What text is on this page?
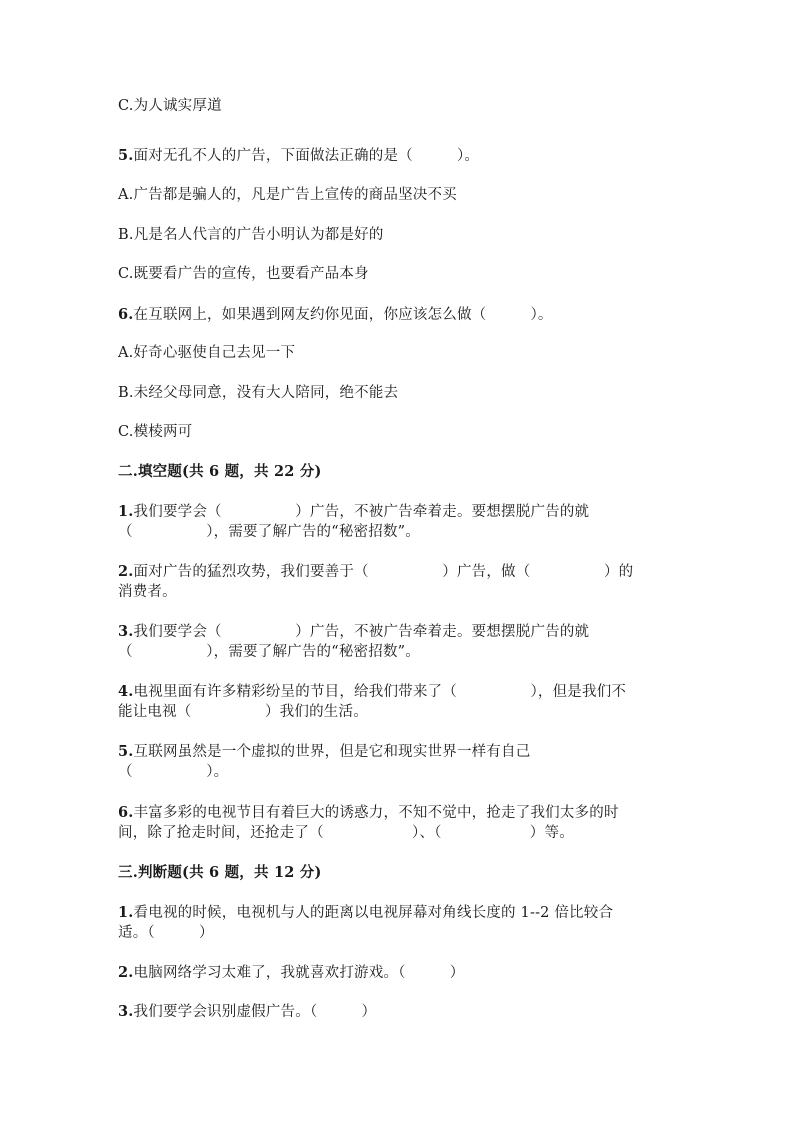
C.为人诚实厚道
5.面对无孔不人的广告，下面做法正确的是（　　　）。
A.广告都是骗人的，凡是广告上宣传的商品坚决不买
B.凡是名人代言的广告小明认为都是好的
C.既要看广告的宣传，也要看产品本身
6.在互联网上，如果遇到网友约你见面，你应该怎么做（　　　）。
A.好奇心驱使自己去见一下
B.未经父母同意，没有大人陪同，绝不能去
C.模棱两可
二.填空题(共 6 题，共 22 分)
1.我们要学会（　　　　　）广告，不被广告牵着走。要想摆脱广告的就
（　　　　　），需要了解广告的“秘密招数”。
2.面对广告的猛烈攻势，我们要善于（　　　　　）广告，做（　　　　　）的
消费者。
3.我们要学会（　　　　　）广告，不被广告牵着走。要想摆脱广告的就
（　　　　　），需要了解广告的“秘密招数”。
4.电视里面有许多精彩纷呈的节目，给我们带来了（　　　　　），但是我们不
能让电视（　　　　　）我们的生活。
5.互联网虽然是一个虚拟的世界，但是它和现实世界一样有自己
（　　　　　）。
6.丰富多彩的电视节目有着巨大的诱惑力，不知不觉中，抢走了我们太多的时
间，除了抢走时间，还抢走了（　　　　　　）、（　　　　　　）等。
三.判断题(共 6 题，共 12 分)
1.看电视的时候，电视机与人的距离以电视屏幕对角线长度的 1--2 倍比较合
适。（　　　）
2.电脑网络学习太难了，我就喜欢打游戏。（　　　）
3.我们要学会识别虚假广告。（　　　）
